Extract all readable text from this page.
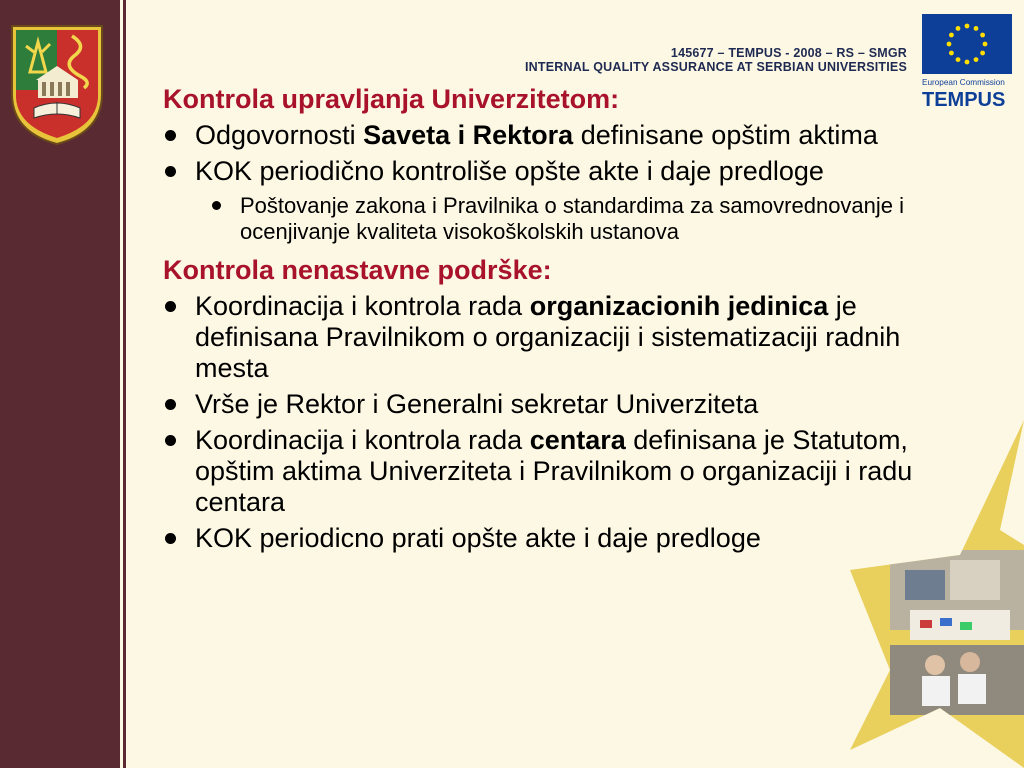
145677 – TEMPUS - 2008 – RS – SMGR
INTERNAL QUALITY ASSURANCE AT SERBIAN UNIVERSITIES
European Commission
TEMPUS
Kontrola upravljanja Univerzitetom:
Odgovornosti Saveta i Rektora definisane opštim aktima
KOK periodično kontroliše opšte akte i daje predloge
Poštovanje zakona i Pravilnika o standardima za samovrednovanje i ocenjivanje kvaliteta visokoškolskih ustanova
Kontrola nenastavne podrške:
Koordinacija i kontrola rada organizacionih jedinica je definisana Pravilnikom o organizaciji i sistematizaciji radnih mesta
Vrše je Rektor i Generalni sekretar Univerziteta
Koordinacija i kontrola rada centara definisana je Statutom, opštim aktima Univerziteta i Pravilnikom o organizaciji i radu centara
KOK periodicno prati opšte akte i daje predloge
